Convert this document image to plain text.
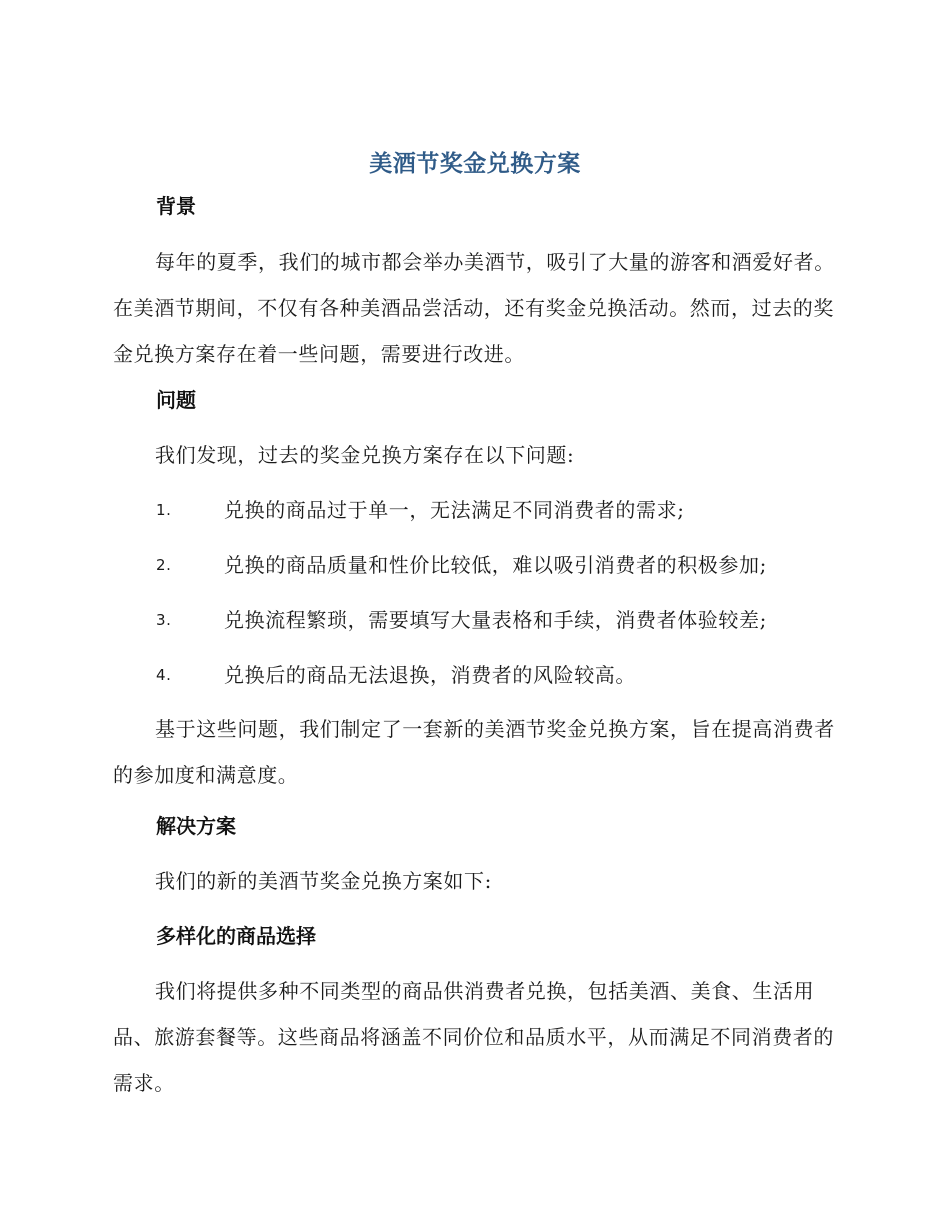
美酒节奖金兑换方案
背景
每年的夏季，我们的城市都会举办美酒节，吸引了大量的游客和酒爱好者。在美酒节期间，不仅有各种美酒品尝活动，还有奖金兑换活动。然而，过去的奖金兑换方案存在着一些问题，需要进行改进。
问题
我们发现，过去的奖金兑换方案存在以下问题:
1.	兑换的商品过于单一，无法满足不同消费者的需求;
2.	兑换的商品质量和性价比较低，难以吸引消费者的积极参加;
3.	兑换流程繁琐，需要填写大量表格和手续，消费者体验较差;
4.	兑换后的商品无法退换，消费者的风险较高。
基于这些问题，我们制定了一套新的美酒节奖金兑换方案，旨在提高消费者的参加度和满意度。
解决方案
我们的新的美酒节奖金兑换方案如下:
多样化的商品选择
我们将提供多种不同类型的商品供消费者兑换，包括美酒、美食、生活用品、旅游套餐等。这些商品将涵盖不同价位和品质水平，从而满足不同消费者的需求。
